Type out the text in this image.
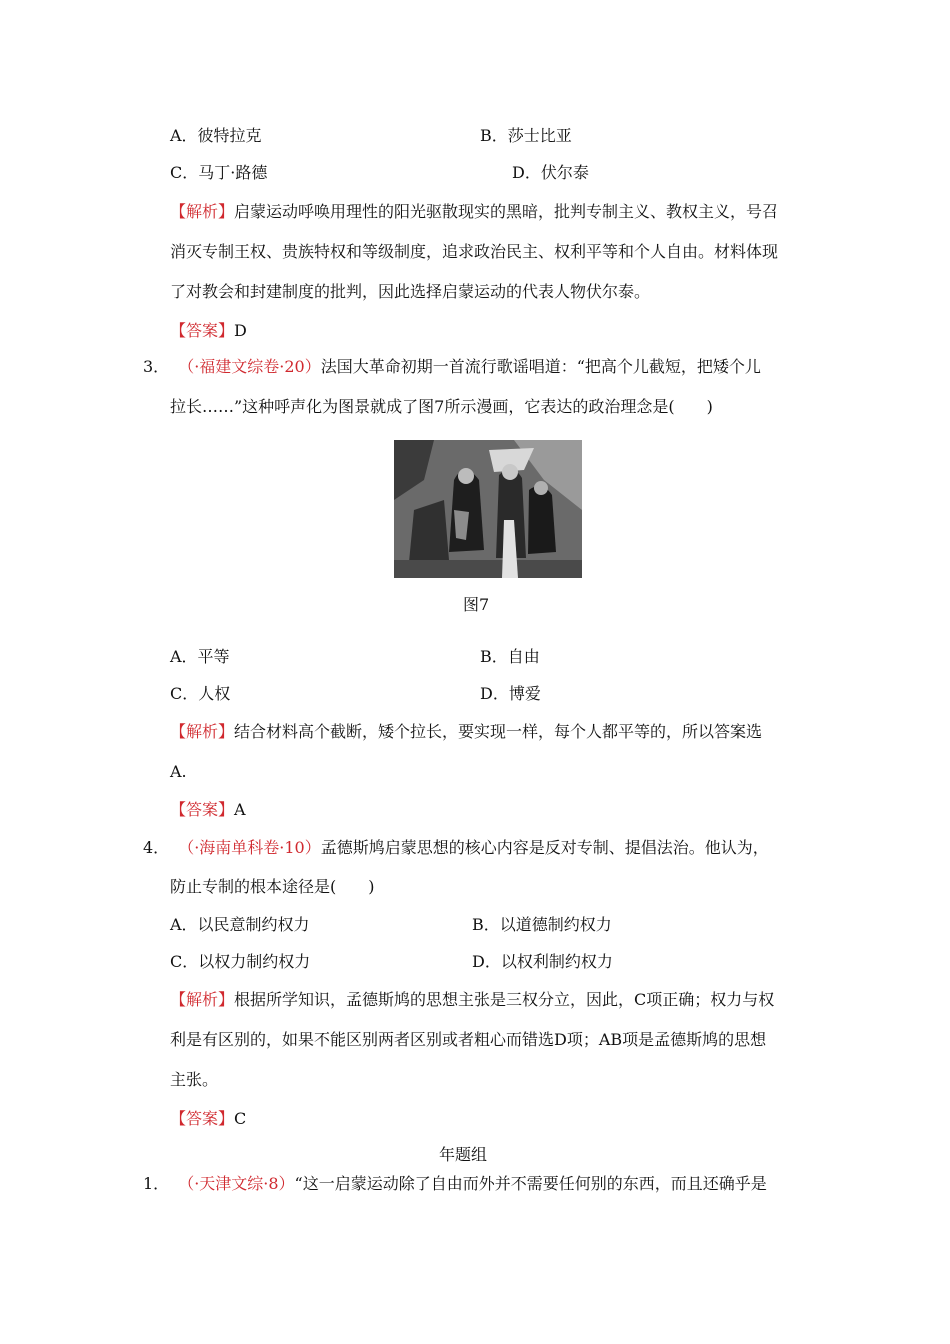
A．彼特拉克	B．莎士比亚
C．马丁·路德	D．伏尔泰
【解析】启蒙运动呼唤用理性的阳光驱散现实的黑暗，批判专制主义、教权主义，号召
消灭专制王权、贵族特权和等级制度，追求政治民主、权利平等和个人自由。材料体现
了对教会和封建制度的批判，因此选择启蒙运动的代表人物伏尔泰。
【答案】D
3． （·福建文综卷·20）法国大革命初期一首流行歌谣唱道：“把高个儿截短，把矮个儿
拉长……”这种呼声化为图景就成了图7所示漫画，它表达的政治理念是(　　)
图7
A．平等	B．自由
C．人权	D．博爱
【解析】结合材料高个截断，矮个拉长，要实现一样，每个人都平等的，所以答案选
A.
【答案】A
4． （·海南单科卷·10）孟德斯鸠启蒙思想的核心内容是反对专制、提倡法治。他认为，
防止专制的根本途径是(　　)
A．以民意制约权力	B．以道德制约权力
C．以权力制约权力	D．以权利制约权力
【解析】根据所学知识，孟德斯鸠的思想主张是三权分立，因此，C项正确；权力与权
利是有区别的，如果不能区别两者区别或者粗心而错选D项；AB项是孟德斯鸠的思想
主张。
【答案】C
年题组
1． （·天津文综·8）“这一启蒙运动除了自由而外并不需要任何别的东西，而且还确乎是
